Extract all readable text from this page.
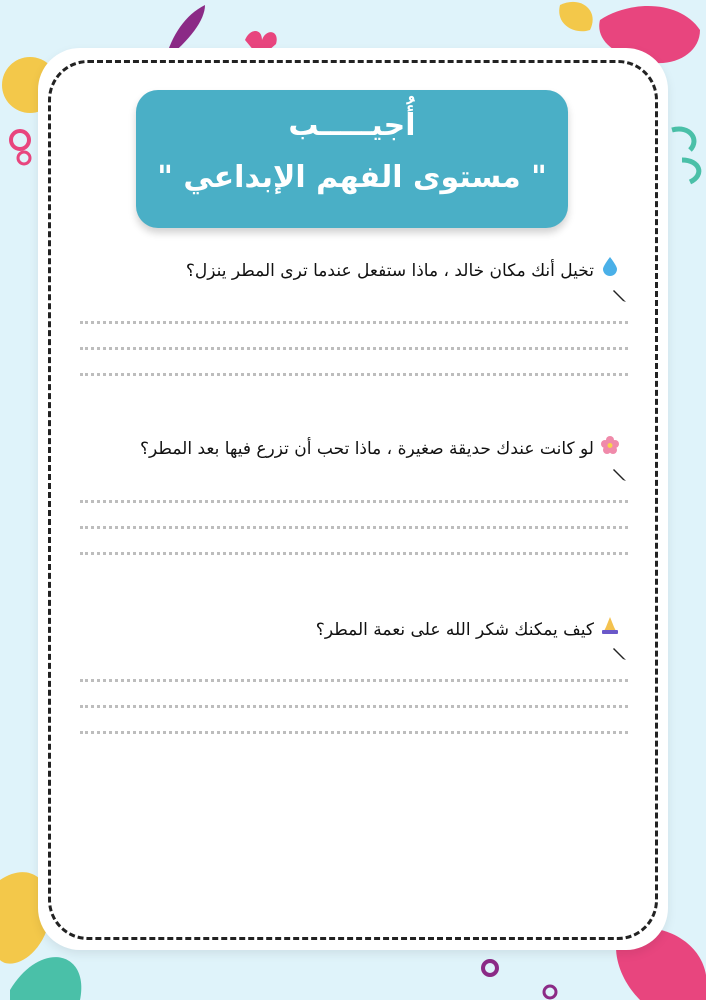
أُجيـــــب
" مستوى الفهم الإبداعي "
تخيل أنك مكان خالد ، ماذا ستفعل عندما ترى المطر ينزل؟
لو كانت عندك حديقة صغيرة ، ماذا تحب أن تزرع فيها بعد المطر؟
كيف يمكنك شكر الله على نعمة المطر؟
